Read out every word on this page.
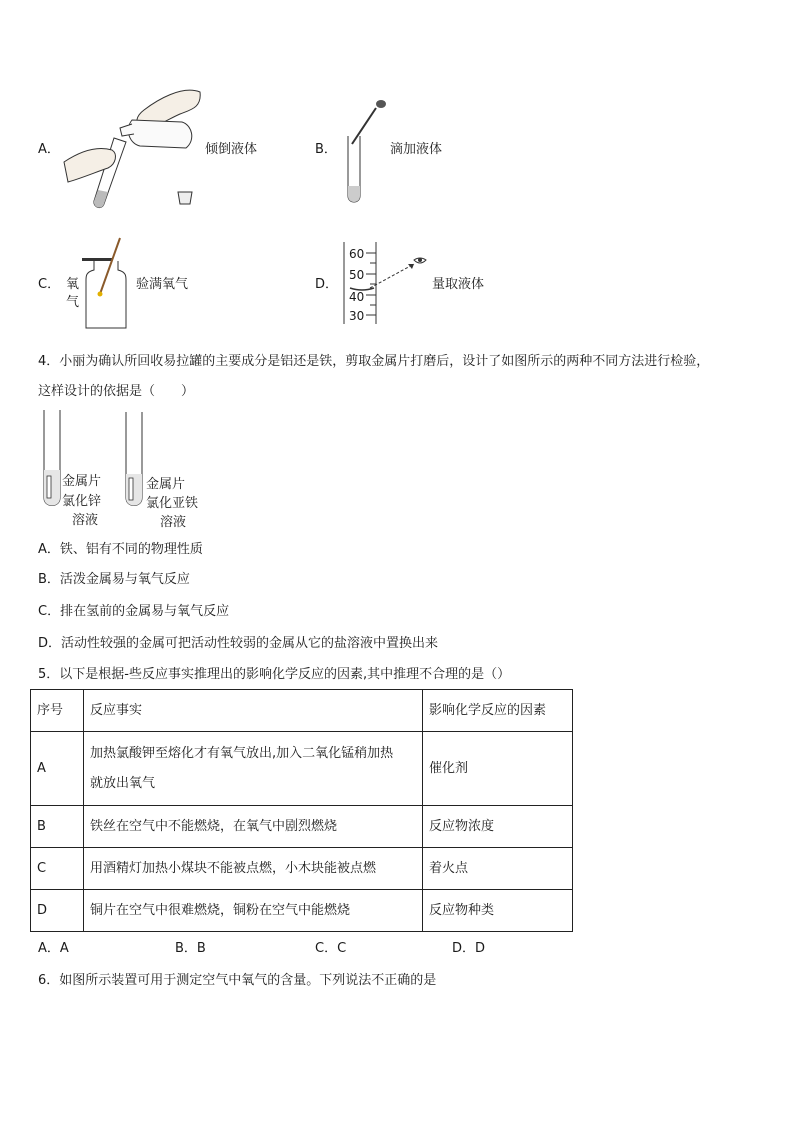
A．	倾倒液体	B．	滴加液体
C． 氧
气
验满氧气	D．
60
50
40
30
量取液体
4．小丽为确认所回收易拉罐的主要成分是铝还是铁，剪取金属片打磨后，设计了如图所示的两种不同方法进行检验，
这样设计的依据是（　　）
金属片
氯化锌
溶液
金属片
氯化亚铁
溶液
A．铁、铝有不同的物理性质
B．活泼金属易与氧气反应
C．排在氢前的金属易与氧气反应
D．活动性较强的金属可把活动性较弱的金属从它的盐溶液中置换出来
5．以下是根据-些反应事实推理出的影响化学反应的因素,其中推理不合理的是（）
序号	反应事实	影响化学反应的因素
A	加热氯酸钾至熔化才有氧气放出,加入二氧化锰稍加热
就放出氧气	催化剂
B	铁丝在空气中不能燃烧，在氧气中剧烈燃烧	反应物浓度
C	用酒精灯加热小煤块不能被点燃，小木块能被点燃	着火点
D	铜片在空气中很难燃烧，铜粉在空气中能燃烧	反应物种类
A．A	B．B	C．C	D．D
6．如图所示装置可用于测定空气中氧气的含量。下列说法不正确的是
